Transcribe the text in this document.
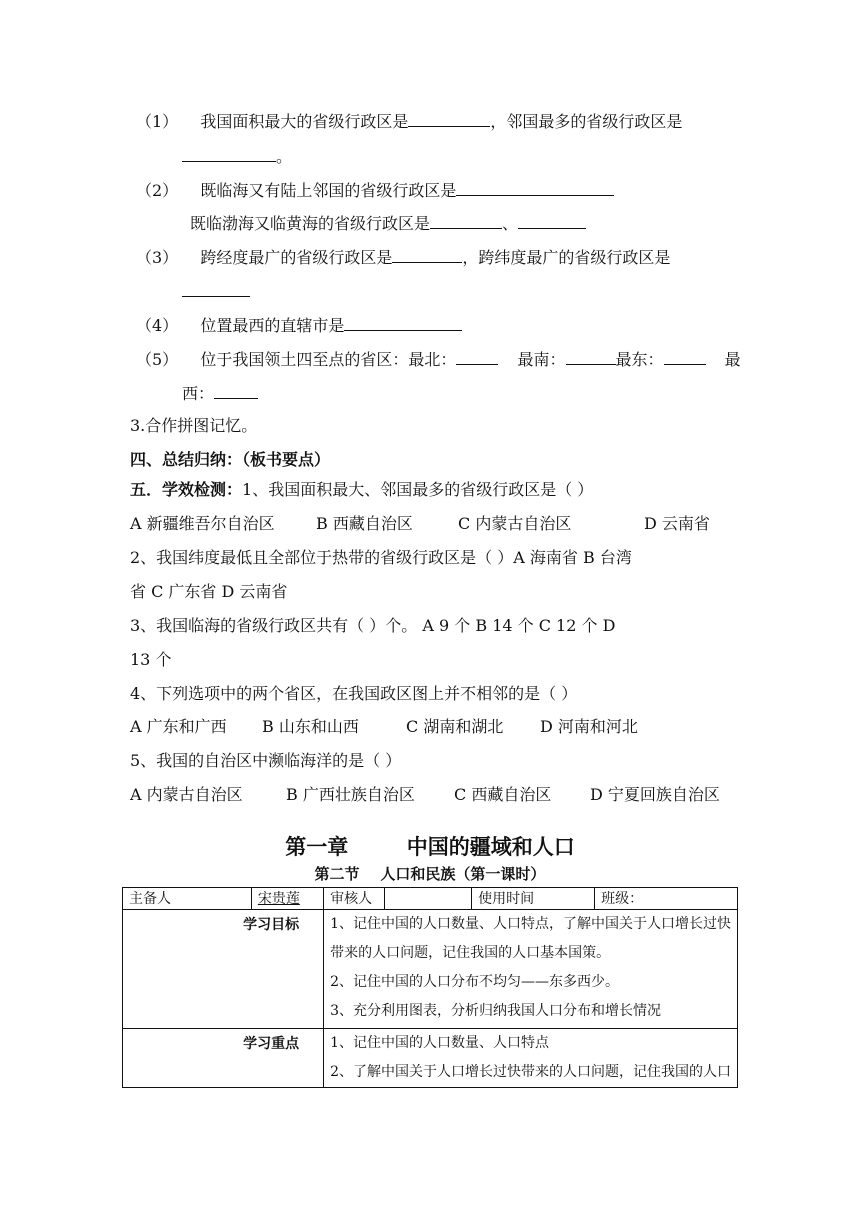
（1） 我国面积最大的省级行政区是	，邻国最多的省级行政区是
。
（2） 既临海又有陆上邻国的省级行政区是
既临渤海又临黄海的省级行政区是	、
（3） 跨经度最广的省级行政区是	，跨纬度最广的省级行政区是
（4） 位置最西的直辖市是
（5） 位于我国领土四至点的省区：最北：	最南：	最东：	最
西：
3.合作拼图记忆。
四、总结归纳：（板书要点）
五．学效检测：1、我国面积最大、邻国最多的省级行政区是（ ）
A 新疆维吾尔自治区	B 西藏自治区	C 内蒙古自治区	D 云南省
2、我国纬度最低且全部位于热带的省级行政区是（ ）A 海南省 B 台湾
省 C 广东省 D 云南省
3、我国临海的省级行政区共有（ ）个。 A 9 个 B 14 个 C 12 个 D
13 个
4、下列选项中的两个省区，在我国政区图上并不相邻的是（ ）
A 广东和广西 B 山东和山西	C 湖南和湖北 D 河南和河北
5、我国的自治区中濒临海洋的是（ ）
A 内蒙古自治区	B 广西壮族自治区 C 西藏自治区 D 宁夏回族自治区
第一章        中国的疆域和人口
第二节    人口和民族（第一课时）
主备人	宋贵莲	审核人		使用时间	班级：
学习目标		1、记住中国的人口数量、人口特点，了解中国关于人口增长过快
带来的人口问题，记住我国的人口基本国策。
2、记住中国的人口分布不均匀——东多西少。
3、充分利用图表，分析归纳我国人口分布和增长情况			

学习重点		1、记住中国的人口数量、人口特点
2、了解中国关于人口增长过快带来的人口问题，记住我国的人口			
